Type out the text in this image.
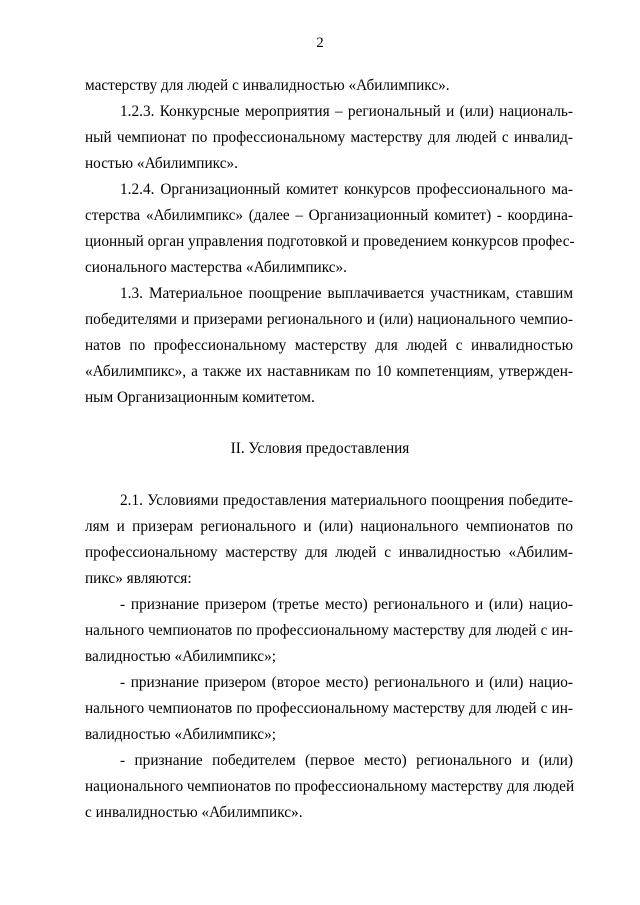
2
мастерству для людей с инвалидностью «Абилимпикс».
1.2.3. Конкурсные мероприятия – региональный и (или) националь-
ный чемпионат по профессиональному мастерству для людей с инвалид-
ностью «Абилимпикс».
1.2.4. Организационный комитет конкурсов профессионального ма-
стерства «Абилимпикс» (далее – Организационный комитет) - координа-
ционный орган управления подготовкой и проведением конкурсов профес-
сионального мастерства «Абилимпикс».
1.3. Материальное поощрение выплачивается участникам, ставшим
победителями и призерами регионального и (или) национального чемпио-
натов по профессиональному мастерству для людей с инвалидностью
«Абилимпикс», а также их наставникам по 10 компетенциям, утвержден-
ным Организационным комитетом.
II. Условия предоставления
2.1. Условиями предоставления материального поощрения победите-
лям и призерам регионального и (или) национального чемпионатов по
профессиональному мастерству для людей с инвалидностью «Абилим-
пикс» являются:
- признание призером (третье место) регионального и (или) нацио-
нального чемпионатов по профессиональному мастерству для людей с ин-
валидностью «Абилимпикс»;
- признание призером (второе место) регионального и (или) нацио-
нального чемпионатов по профессиональному мастерству для людей с ин-
валидностью «Абилимпикс»;
- признание победителем (первое место) регионального и (или)
национального чемпионатов по профессиональному мастерству для людей
с инвалидностью «Абилимпикс».
